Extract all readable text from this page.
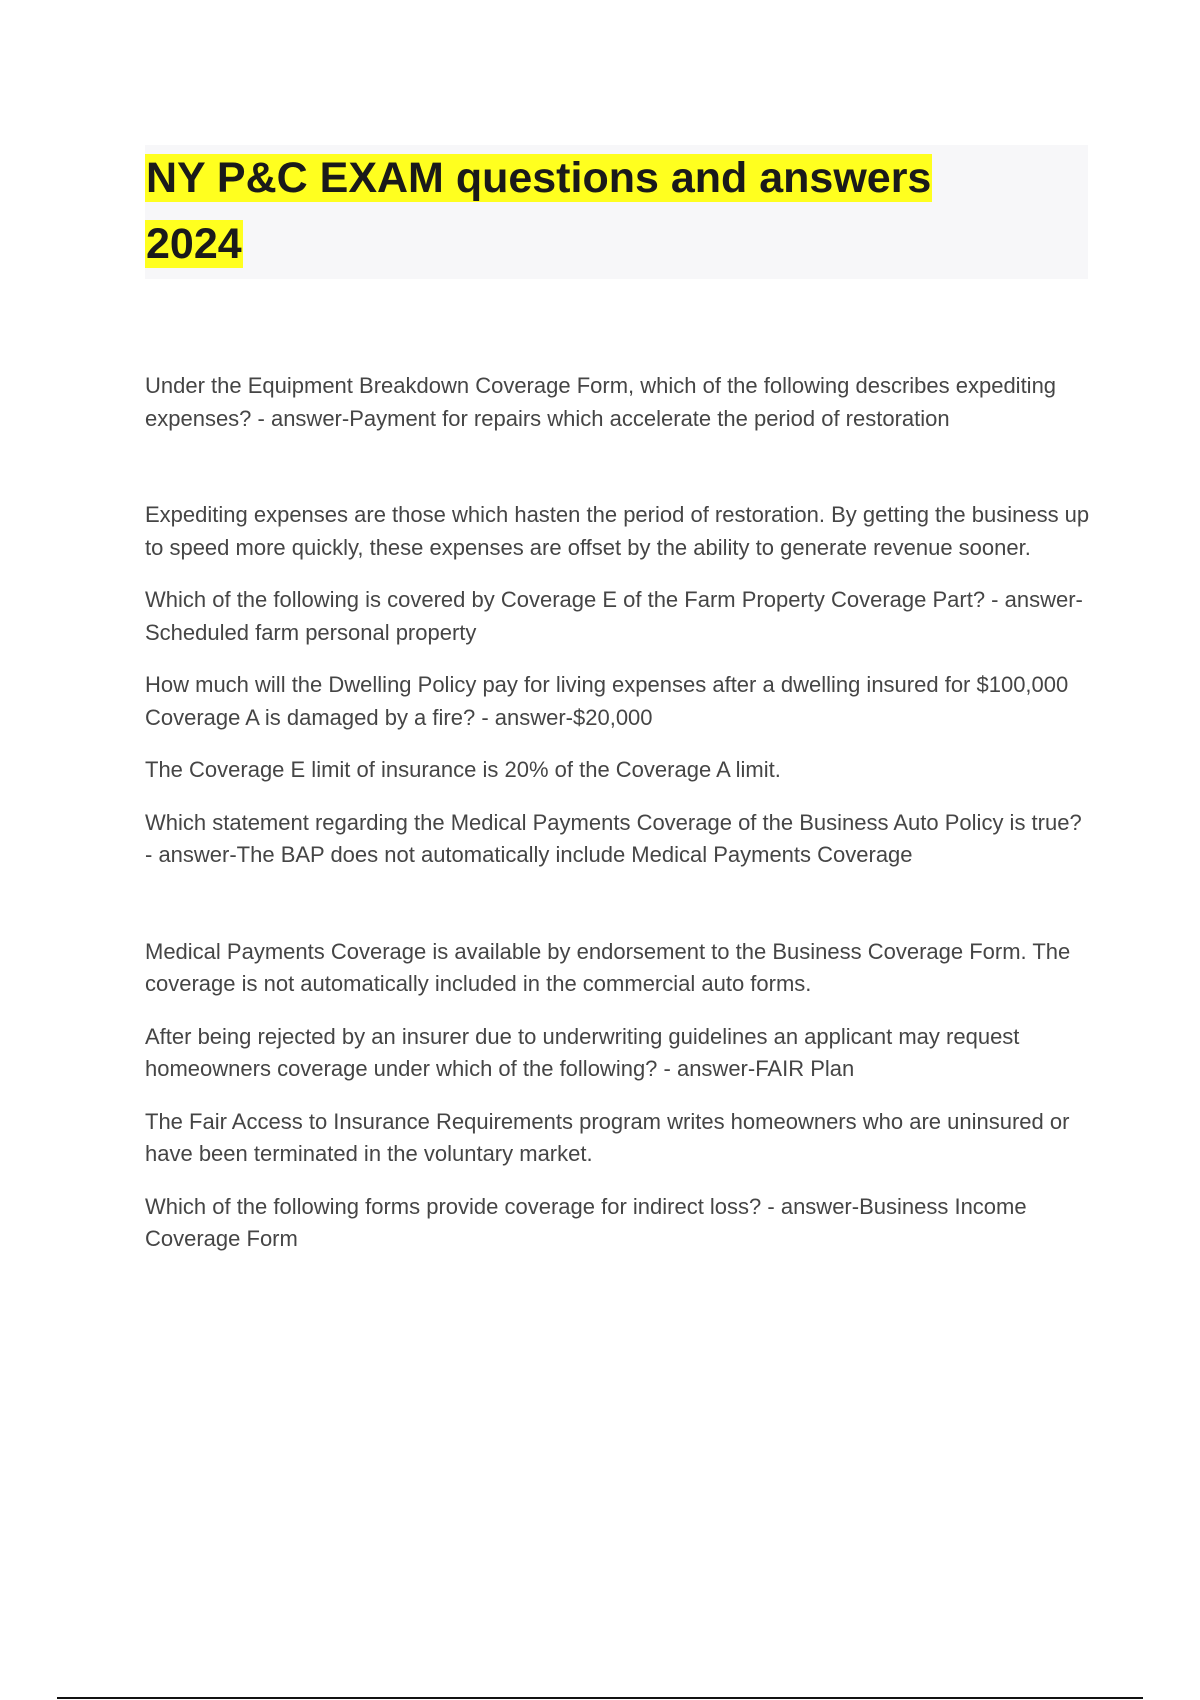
NY P&C EXAM questions and answers
2024

Under the Equipment Breakdown Coverage Form, which of the following describes expediting expenses? - answer-Payment for repairs which accelerate the period of restoration

Expediting expenses are those which hasten the period of restoration. By getting the business up to speed more quickly, these expenses are offset by the ability to generate revenue sooner.

Which of the following is covered by Coverage E of the Farm Property Coverage Part? - answer-Scheduled farm personal property

How much will the Dwelling Policy pay for living expenses after a dwelling insured for $100,000 Coverage A is damaged by a fire? - answer-$20,000

The Coverage E limit of insurance is 20% of the Coverage A limit.

Which statement regarding the Medical Payments Coverage of the Business Auto Policy is true? - answer-The BAP does not automatically include Medical Payments Coverage

Medical Payments Coverage is available by endorsement to the Business Coverage Form. The coverage is not automatically included in the commercial auto forms.

After being rejected by an insurer due to underwriting guidelines an applicant may request homeowners coverage under which of the following? - answer-FAIR Plan

The Fair Access to Insurance Requirements program writes homeowners who are uninsured or have been terminated in the voluntary market.

Which of the following forms provide coverage for indirect loss? - answer-Business Income Coverage Form
